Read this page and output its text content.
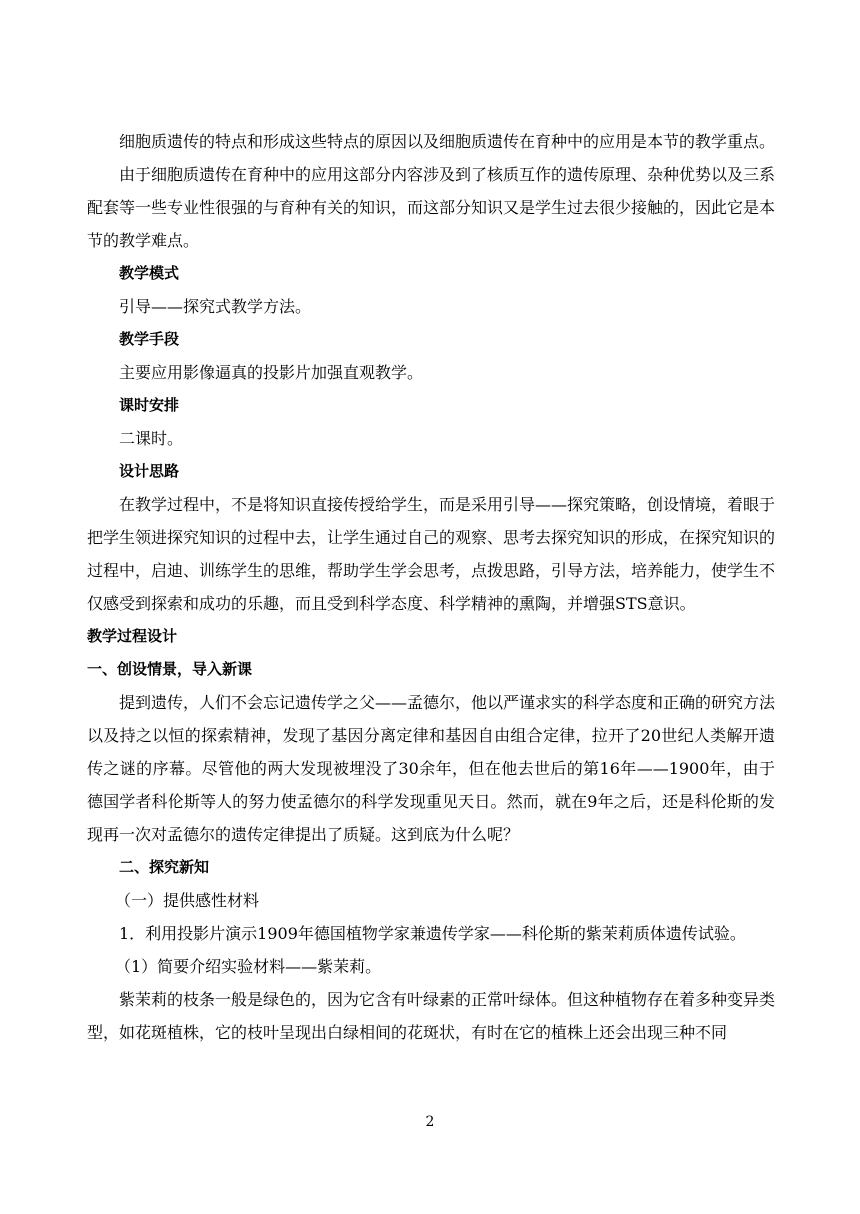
细胞质遗传的特点和形成这些特点的原因以及细胞质遗传在育种中的应用是本节的教学重点。

由于细胞质遗传在育种中的应用这部分内容涉及到了核质互作的遗传原理、杂种优势以及三系配套等一些专业性很强的与育种有关的知识，而这部分知识又是学生过去很少接触的，因此它是本节的教学难点。

教学模式

引导——探究式教学方法。

教学手段

主要应用影像逼真的投影片加强直观教学。

课时安排

二课时。

设计思路

在教学过程中，不是将知识直接传授给学生，而是采用引导——探究策略，创设情境，着眼于把学生领进探究知识的过程中去，让学生通过自己的观察、思考去探究知识的形成，在探究知识的过程中，启迪、训练学生的思维，帮助学生学会思考，点拨思路，引导方法，培养能力，使学生不仅感受到探索和成功的乐趣，而且受到科学态度、科学精神的熏陶，并增强STS意识。

教学过程设计

一、创设情景，导入新课

提到遗传，人们不会忘记遗传学之父——孟德尔，他以严谨求实的科学态度和正确的研究方法以及持之以恒的探索精神，发现了基因分离定律和基因自由组合定律，拉开了20世纪人类解开遗传之谜的序幕。尽管他的两大发现被埋没了30余年，但在他去世后的第16年——1900年，由于德国学者科伦斯等人的努力使孟德尔的科学发现重见天日。然而，就在9年之后，还是科伦斯的发现再一次对孟德尔的遗传定律提出了质疑。这到底为什么呢？

二、探究新知

（一）提供感性材料

1．利用投影片演示1909年德国植物学家兼遗传学家——科伦斯的紫茉莉质体遗传试验。

（1）简要介绍实验材料——紫茉莉。

紫茉莉的枝条一般是绿色的，因为它含有叶绿素的正常叶绿体。但这种植物存在着多种变异类型，如花斑植株，它的枝叶呈现出白绿相间的花斑状，有时在它的植株上还会出现三种不同

2
